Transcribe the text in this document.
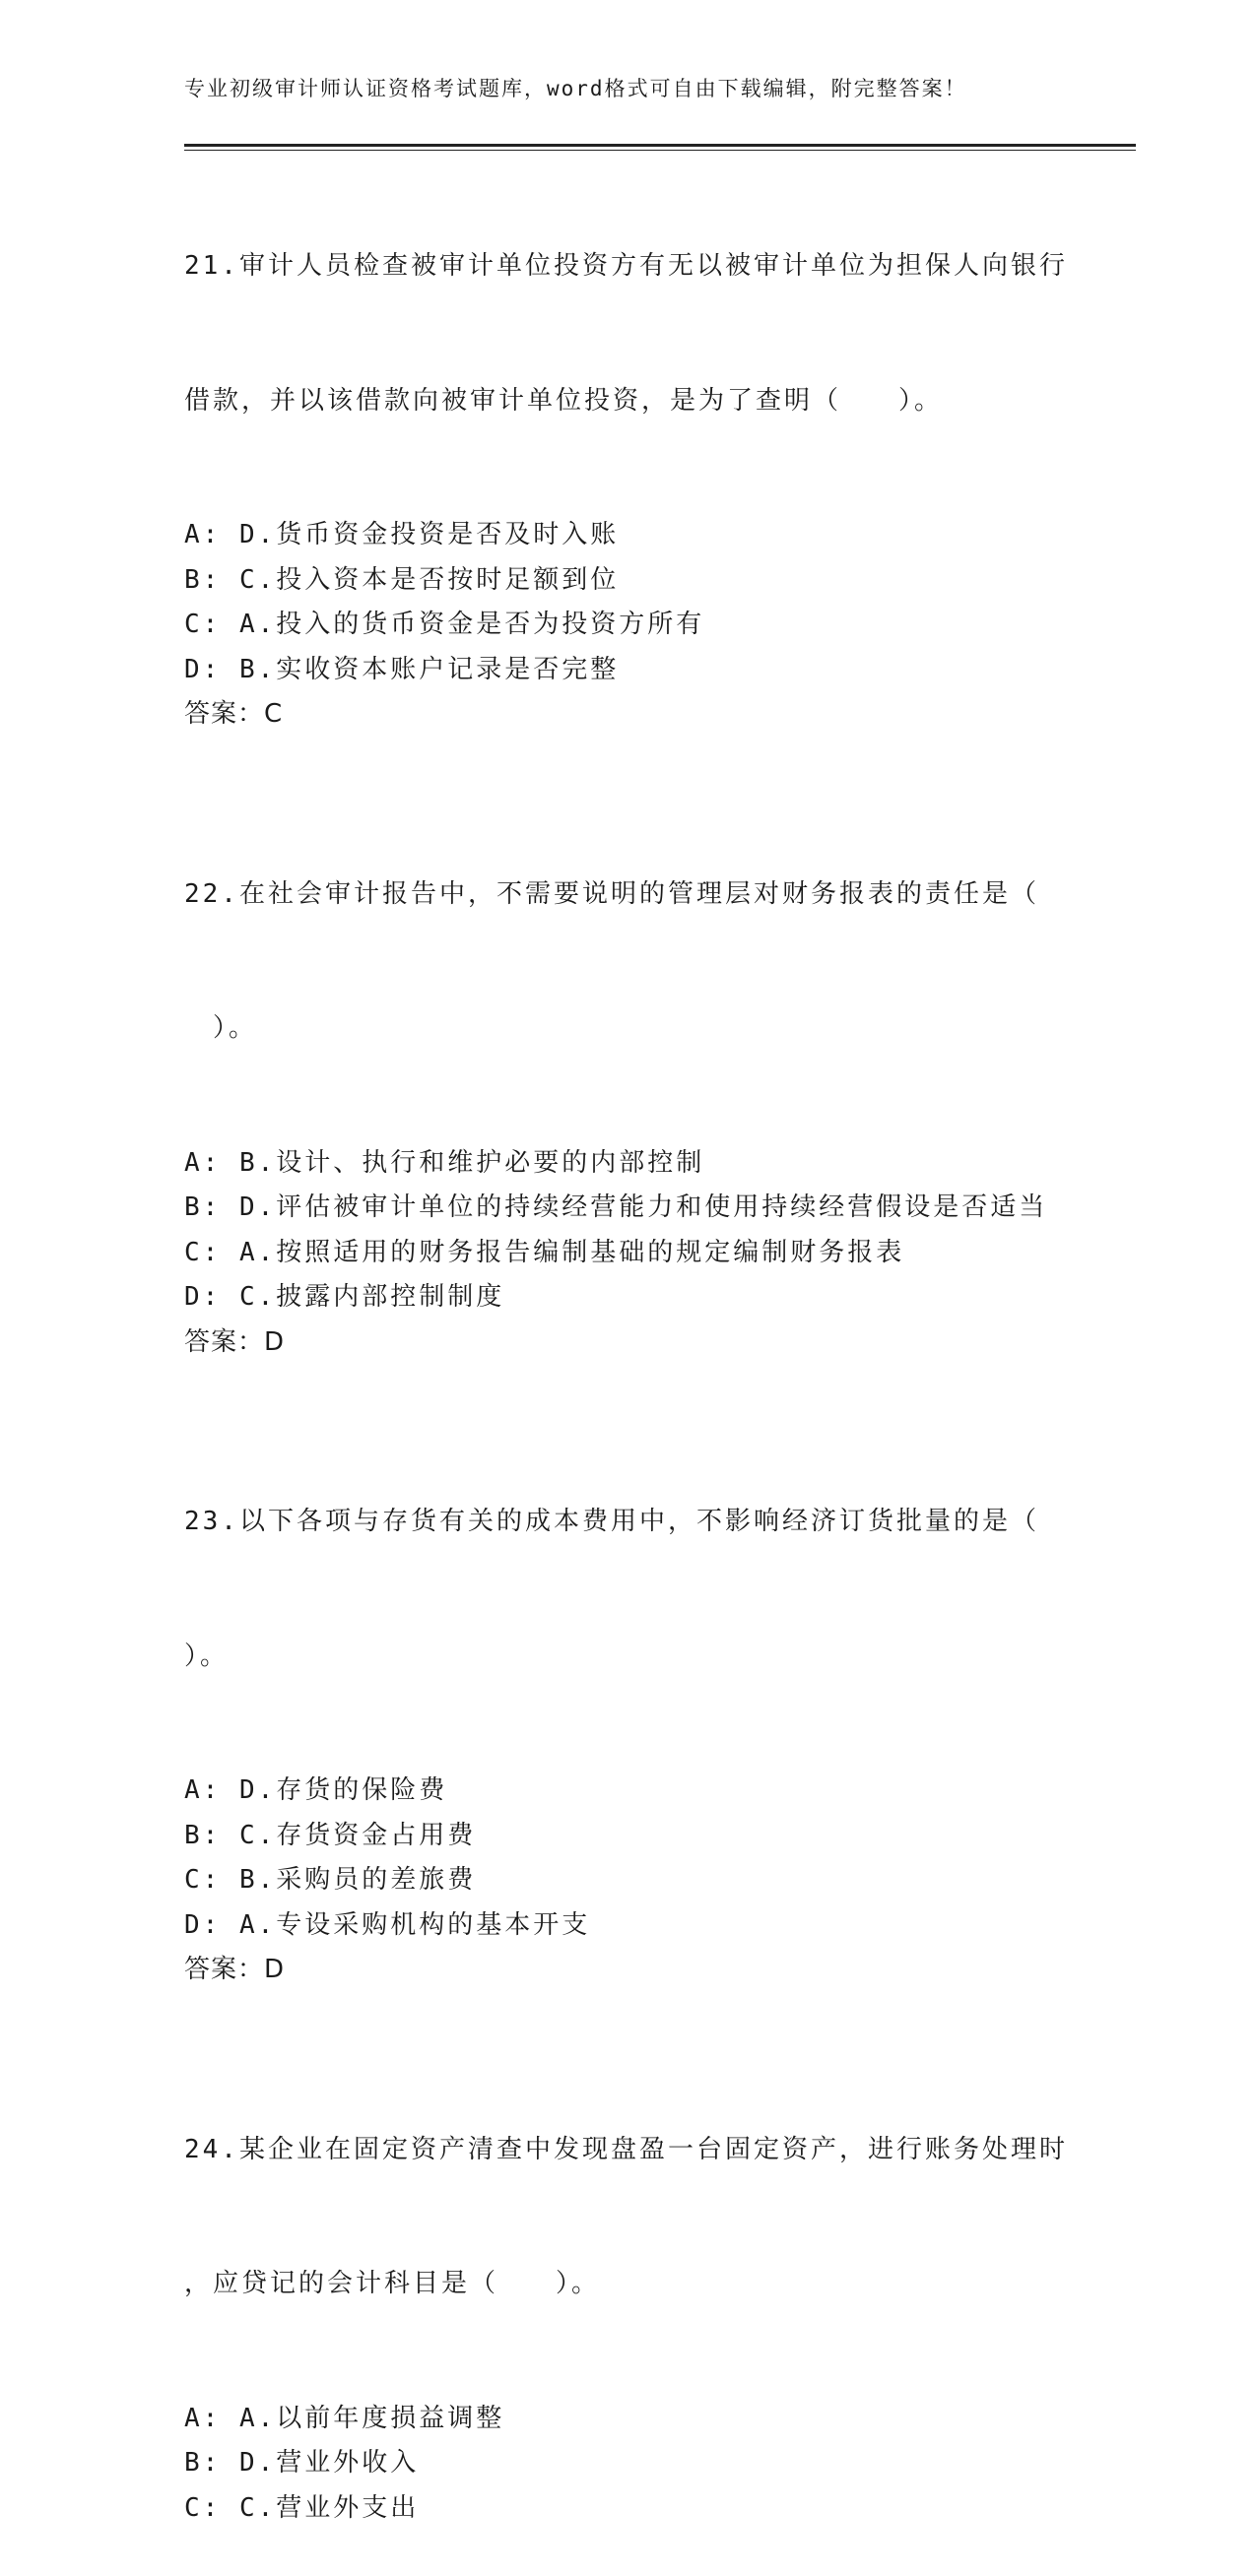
专业初级审计师认证资格考试题库，word格式可自由下载编辑，附完整答案！

21.审计人员检查被审计单位投资方有无以被审计单位为担保人向银行

借款，并以该借款向被审计单位投资，是为了查明（　　）。

A: D.货币资金投资是否及时入账
B: C.投入资本是否按时足额到位
C: A.投入的货币资金是否为投资方所有
D: B.实收资本账户记录是否完整
答案：C

22.在社会审计报告中，不需要说明的管理层对财务报表的责任是（

　）。

A: B.设计、执行和维护必要的内部控制
B: D.评估被审计单位的持续经营能力和使用持续经营假设是否适当
C: A.按照适用的财务报告编制基础的规定编制财务报表
D: C.披露内部控制制度
答案：D

23.以下各项与存货有关的成本费用中，不影响经济订货批量的是（

）。

A: D.存货的保险费
B: C.存货资金占用费
C: B.采购员的差旅费
D: A.专设采购机构的基本开支
答案：D

24.某企业在固定资产清查中发现盘盈一台固定资产，进行账务处理时

，应贷记的会计科目是（　　）。

A: A.以前年度损益调整
B: D.营业外收入
C: C.营业外支出
